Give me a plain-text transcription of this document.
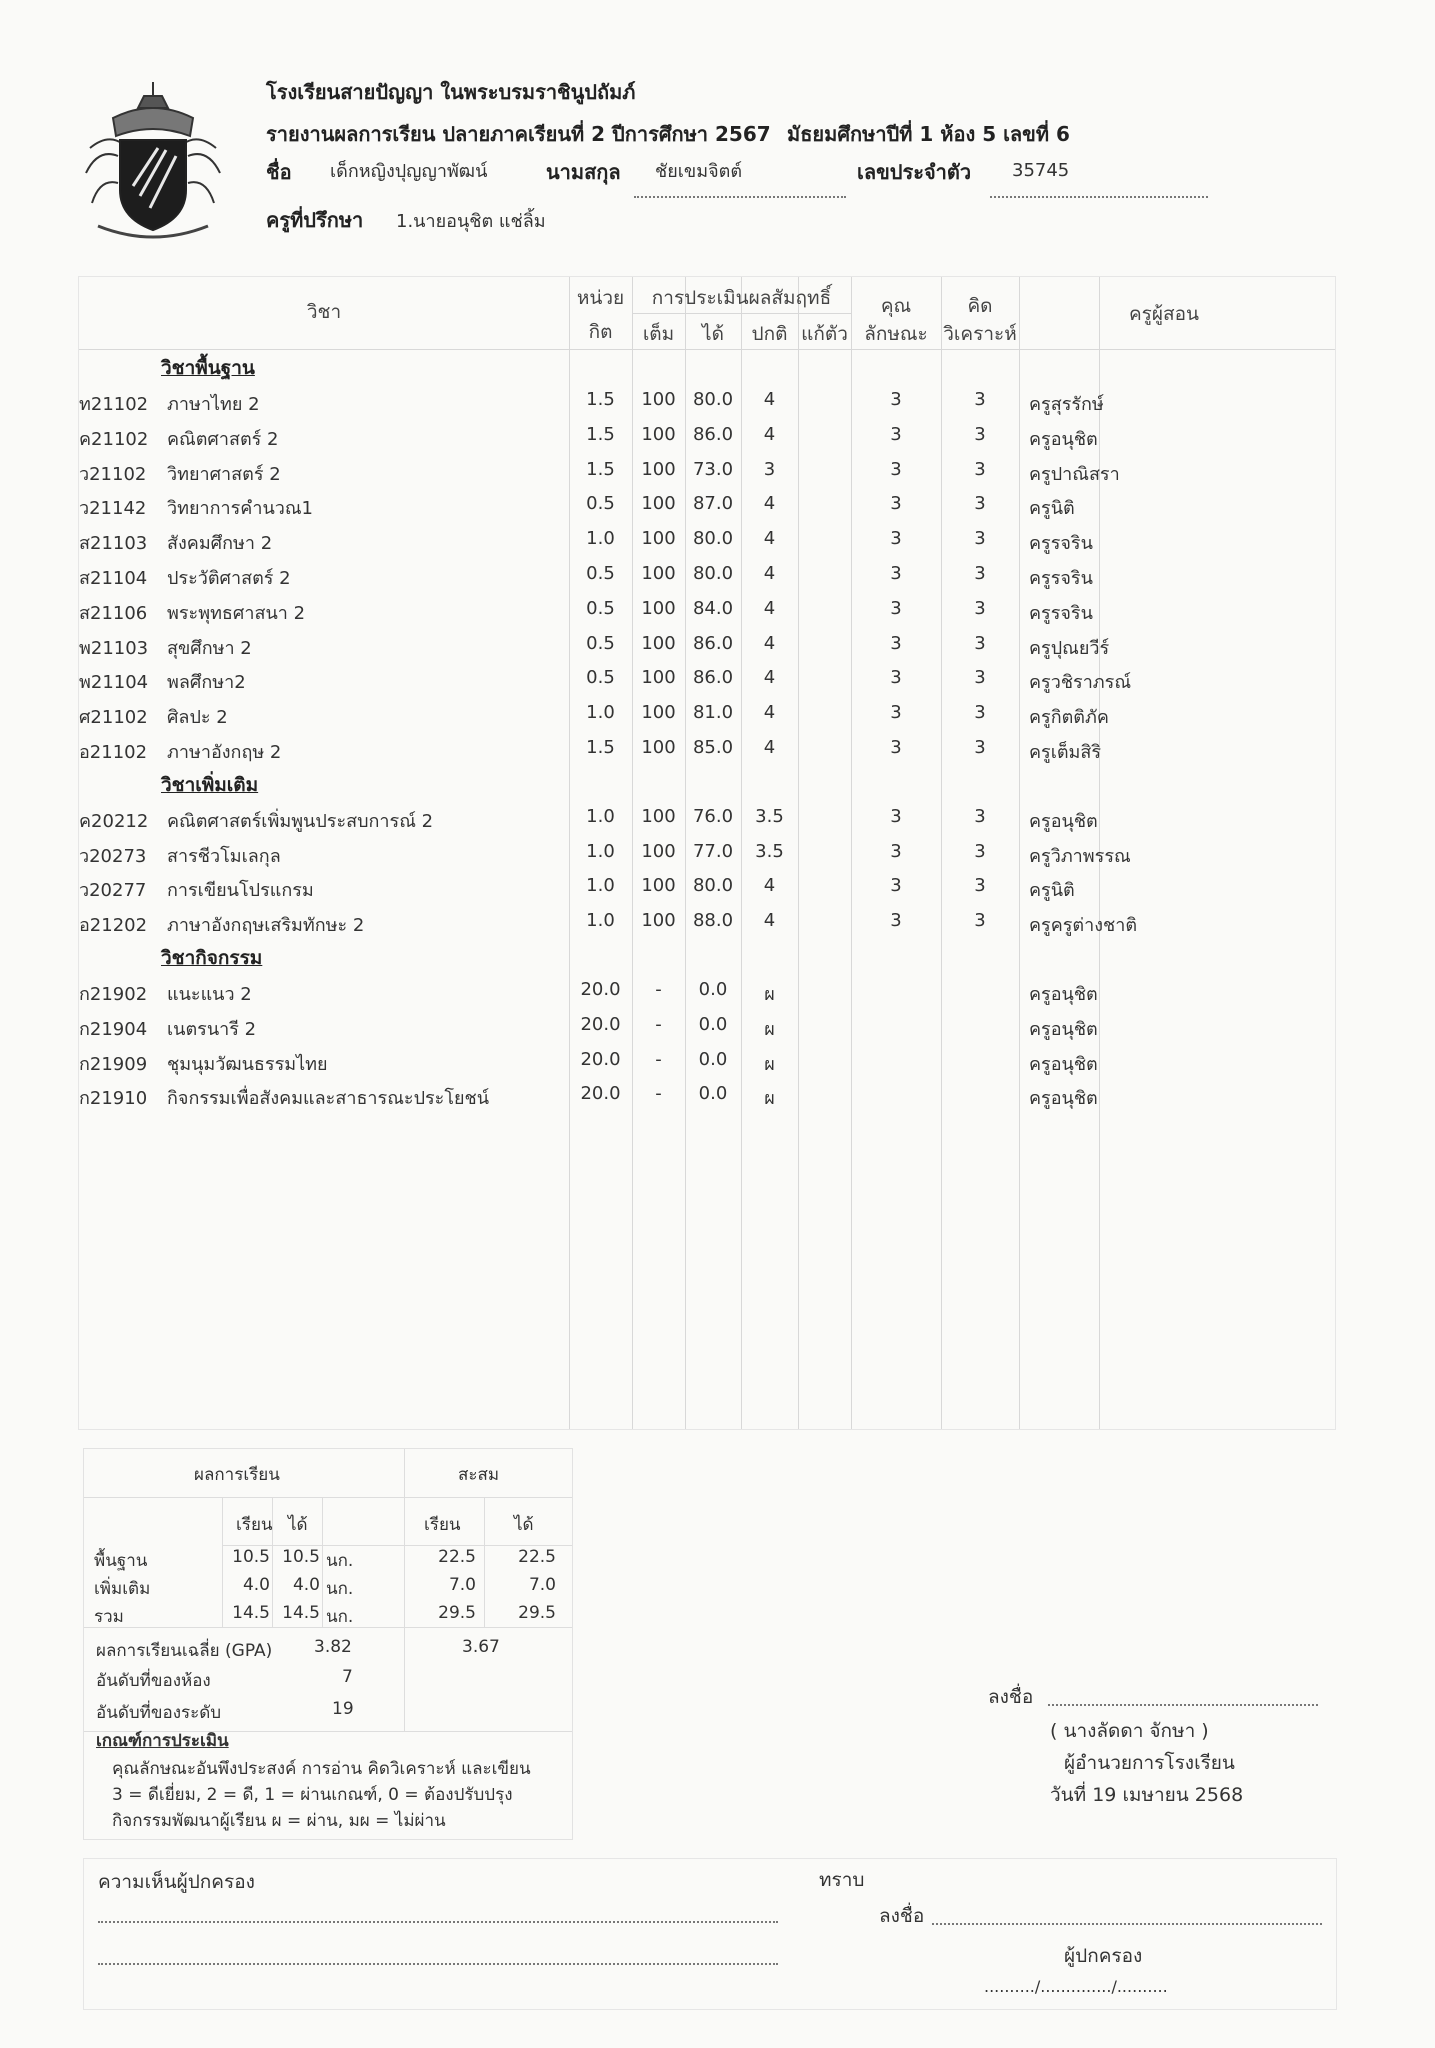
โรงเรียนสายปัญญา ในพระบรมราชินูปถัมภ์
รายงานผลการเรียน ปลายภาคเรียนที่ 2 ปีการศึกษา 2567 มัธยมศึกษาปีที่ 1 ห้อง 5 เลขที่ 6
ชื่อ เด็กหญิงปุญญาพัฒน์	นามสกุล ชัยเขมจิตต์	เลขประจำตัว 35745
ครูที่ปรึกษา 1.นายอนุชิต แช่ลิ้ม
วิชา
หน่วย
กิต
การประเมินผลสัมฤทธิ์
เต็ม	ได้	ปกติ แก้ตัว
คุณ
ลักษณะ
คิด
วิเคราะห์
ครูผู้สอน
วิชาพื้นฐาน
ท21102	ภาษาไทย 2	1.5	100 80.0	4	3	3	ครูสุรรักษ์
ค21102	คณิตศาสตร์ 2	1.5	100 86.0	4	3	3	ครูอนุชิต
ว21102	วิทยาศาสตร์ 2	1.5	100 73.0	3	3	3	ครูปาณิสรา
ว21142	วิทยาการคำนวณ1	0.5	100 87.0	4	3	3	ครูนิติ
ส21103	สังคมศึกษา 2	1.0	100 80.0	4	3	3	ครูรจริน
ส21104	ประวัติศาสตร์ 2	0.5	100 80.0	4	3	3	ครูรจริน
ส21106	พระพุทธศาสนา 2	0.5	100 84.0	4	3	3	ครูรจริน
พ21103	สุขศึกษา 2	0.5	100 86.0	4	3	3	ครูปุณยวีร์
พ21104	พลศึกษา2	0.5	100 86.0	4	3	3	ครูวชิราภรณ์
ศ21102	ศิลปะ 2	1.0	100 81.0	4	3	3	ครูกิตติภัค
อ21102	ภาษาอังกฤษ 2	1.5	100 85.0	4	3	3	ครูเต็มสิริ
วิชาเพิ่มเติม
ค20212	คณิตศาสตร์เพิ่มพูนประสบการณ์ 2	1.0	100 76.0	3.5	3	3	ครูอนุชิต
ว20273	สารชีวโมเลกุล	1.0	100 77.0	3.5	3	3	ครูวิภาพรรณ
ว20277	การเขียนโปรแกรม	1.0	100 80.0	4	3	3	ครูนิติ
อ21202	ภาษาอังกฤษเสริมทักษะ 2	1.0	100 88.0	4	3	3	ครูครูต่างชาติ
วิชากิจกรรม
ก21902	แนะแนว 2	20.0	-	0.0	ผ	ครูอนุชิต
ก21904	เนตรนารี 2	20.0	-	0.0	ผ	ครูอนุชิต
ก21909	ชุมนุมวัฒนธรรมไทย	20.0	-	0.0	ผ	ครูอนุชิต
ก21910	กิจกรรมเพื่อสังคมและสาธารณะประโยชน์	20.0	-	0.0	ผ	ครูอนุชิต
ผลการเรียน	สะสม
เรียน ได้	เรียน	ได้
พื้นฐาน	10.5 10.5 นก.	22.5	22.5
เพิ่มเติม	4.0	4.0 นก.	7.0	7.0
รวม	14.5 14.5 นก.	29.5	29.5
ผลการเรียนเฉลี่ย (GPA) 3.82	3.67
อันดับที่ของห้อง	7
อันดับที่ของระดับ	19
เกณฑ์การประเมิน
คุณลักษณะอันพึงประสงค์ การอ่าน คิดวิเคราะห์ และเขียน
3 = ดีเยี่ยม, 2 = ดี, 1 = ผ่านเกณฑ์, 0 = ต้องปรับปรุง
กิจกรรมพัฒนาผู้เรียน ผ = ผ่าน, มผ = ไม่ผ่าน
ลงชื่อ
( นางลัดดา จักษา )
ผู้อำนวยการโรงเรียน
วันที่ 19 เมษายน 2568
ความเห็นผู้ปกครอง	ทราบ
ลงชื่อ
ผู้ปกครอง
........../............../..........
